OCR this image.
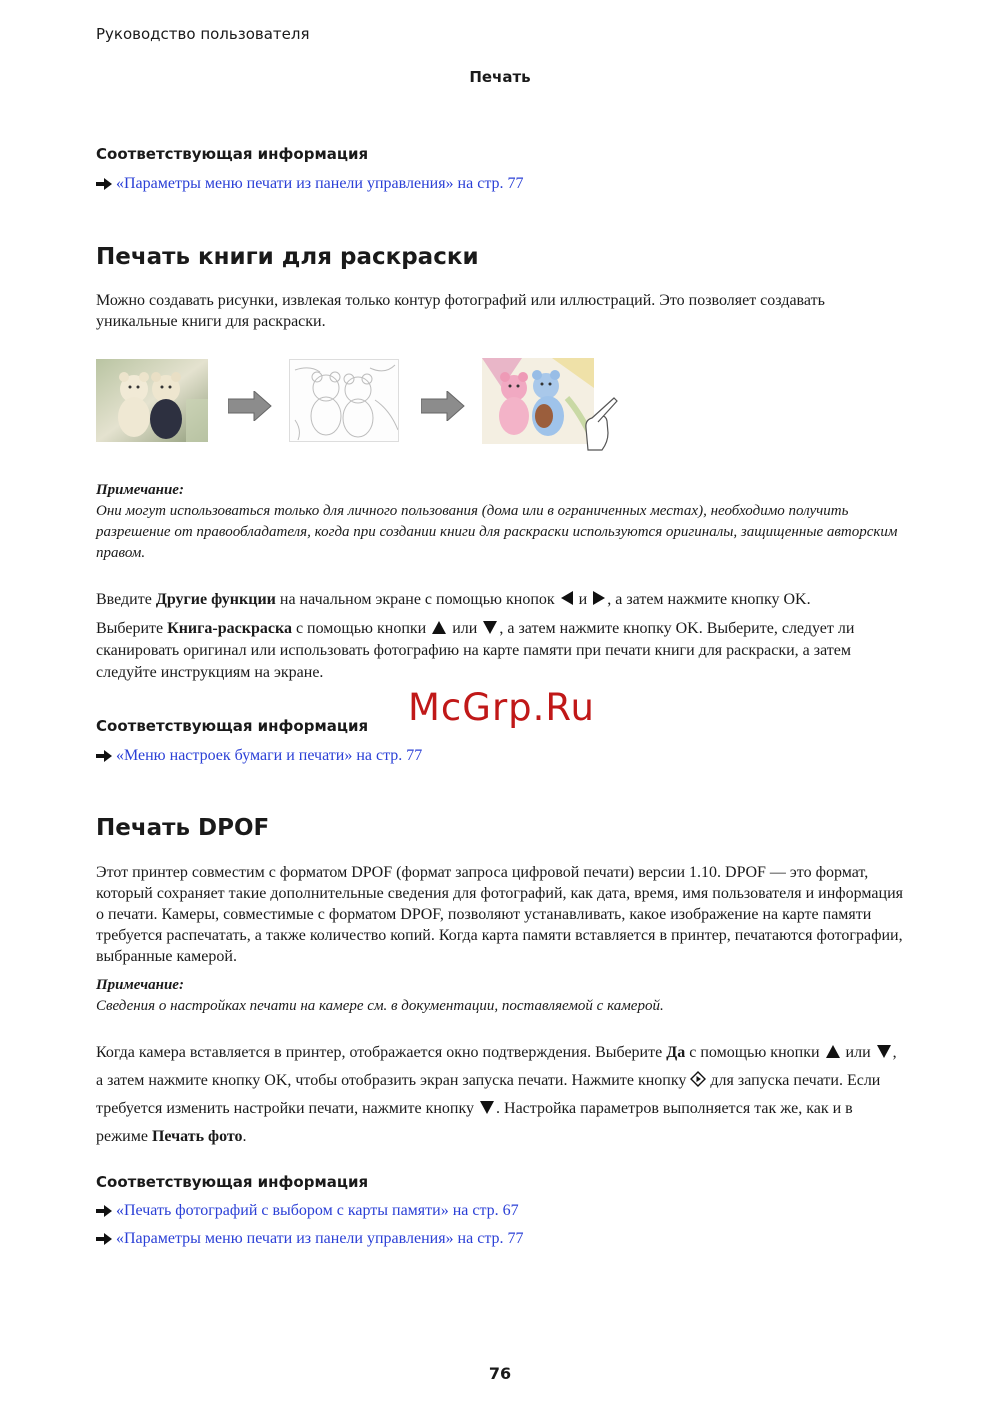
Руководство пользователя
Печать
Соответствующая информация
«Параметры меню печати из панели управления» на стр. 77
Печать книги для раскраски
Можно создавать рисунки, извлекая только контур фотографий или иллюстраций. Это позволяет создавать уникальные книги для раскраски.
Примечание:
Они могут использоваться только для личного пользования (дома или в ограниченных местах), необходимо получить разрешение от правообладателя, когда при создании книги для раскраски используются оригиналы, защищенные авторским правом.
Введите Другие функции на начальном экране с помощью кнопок и , а затем нажмите кнопку OK.
Выберите Книга-раскраска с помощью кнопки или , а затем нажмите кнопку OK. Выберите, следует ли сканировать оригинал или использовать фотографию на карте памяти при печати книги для раскраски, а затем следуйте инструкциям на экране.
Соответствующая информация
«Меню настроек бумаги и печати» на стр. 77
McGrp.Ru
Печать DPOF
Этот принтер совместим с форматом DPOF (формат запроса цифровой печати) версии 1.10. DPOF — это формат, который сохраняет такие дополнительные сведения для фотографий, как дата, время, имя пользователя и информация о печати. Камеры, совместимые с форматом DPOF, позволяют устанавливать, какое изображение на карте памяти требуется распечатать, а также количество копий. Когда карта памяти вставляется в принтер, печатаются фотографии, выбранные камерой.
Примечание:
Сведения о настройках печати на камере см. в документации, поставляемой с камерой.
Когда камера вставляется в принтер, отображается окно подтверждения. Выберите Да с помощью кнопки или , а затем нажмите кнопку OK, чтобы отобразить экран запуска печати. Нажмите кнопку для запуска печати. Если требуется изменить настройки печати, нажмите кнопку . Настройка параметров выполняется так же, как и в режиме Печать фото.
Соответствующая информация
«Печать фотографий с выбором с карты памяти» на стр. 67
«Параметры меню печати из панели управления» на стр. 77
76
